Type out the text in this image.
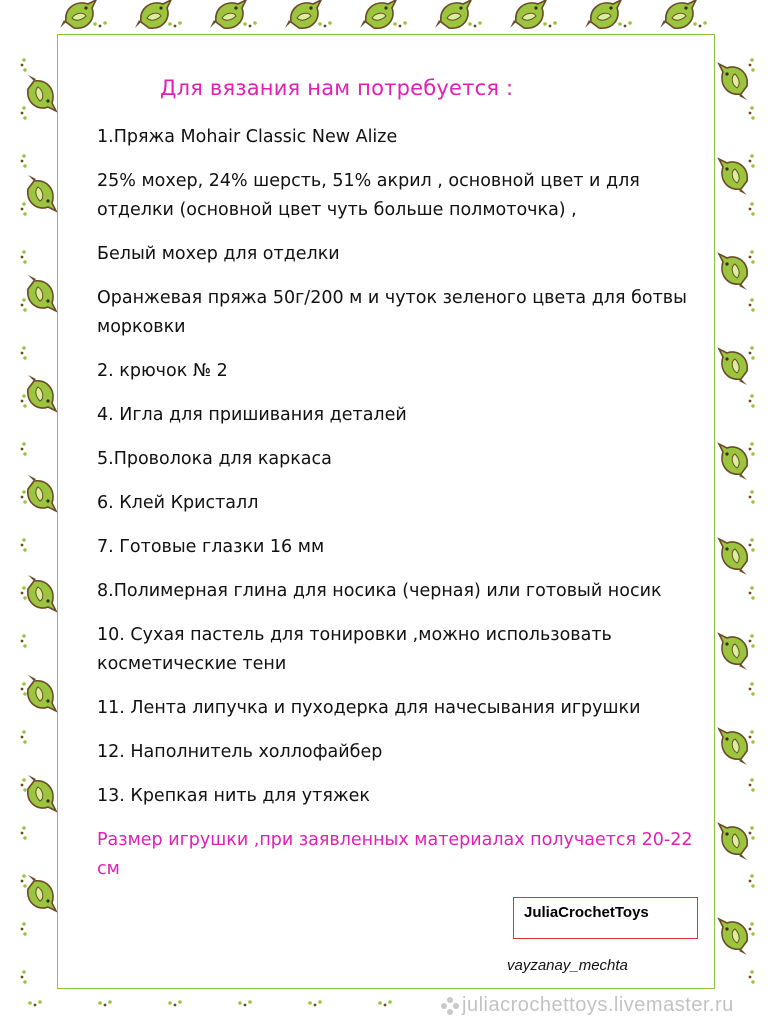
Для вязания нам потребуется :
1.Пряжа Mohair Classic New Alize
25% мохер, 24% шерсть, 51% акрил , основной цвет и для отделки (основной цвет чуть больше полмоточка) ,
Белый мохер для отделки
Оранжевая пряжа 50г/200 м и чуток зеленого цвета для ботвы морковки
2. крючок № 2
4. Игла для пришивания деталей
5.Проволока для каркаса
6. Клей Кристалл
7. Готовые глазки 16 мм
8.Полимерная глина для носика (черная) или готовый носик
10. Сухая пастель для тонировки ,можно использовать косметические тени
11. Лента липучка и пуходерка для начесывания игрушки
12. Наполнитель холлофайбер
13. Крепкая нить для утяжек
Размер игрушки ,при заявленных материалах получается 20-22 см
JuliaCrochetToys
vayzanay_mechta
juliacrochettoys.livemaster.ru
